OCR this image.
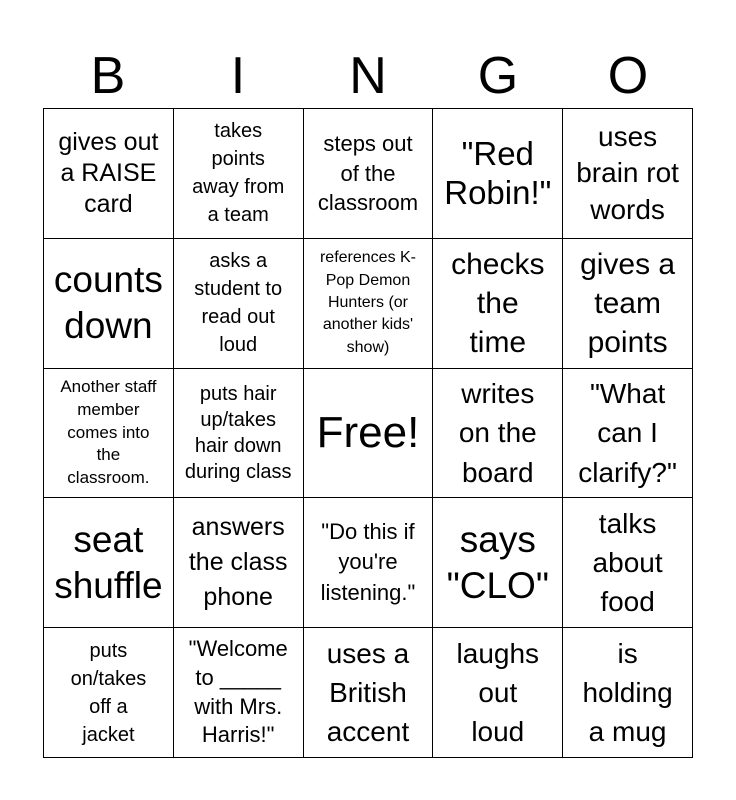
B	I	N	G	O
gives out
a RAISE
card
takes
points
away from
a team
steps out
of the
classroom
"Red
Robin!"
uses
brain rot
words
counts
down
asks a
student to
read out
loud
references K-
Pop Demon
Hunters (or
another kids'
show)
checks
the
time
gives a
team
points
Another staff
member
comes into
the
classroom.
puts hair
up/takes
hair down
during class
Free!
writes
on the
board
"What
can I
clarify?"
seat
shuffle
answers
the class
phone
"Do this if
you're
listening."
says
"CLO"
talks
about
food
puts
on/takes
off a
jacket
"Welcome
to _____
with Mrs.
Harris!"
uses a
British
accent
laughs
out
loud
is
holding
a mug
